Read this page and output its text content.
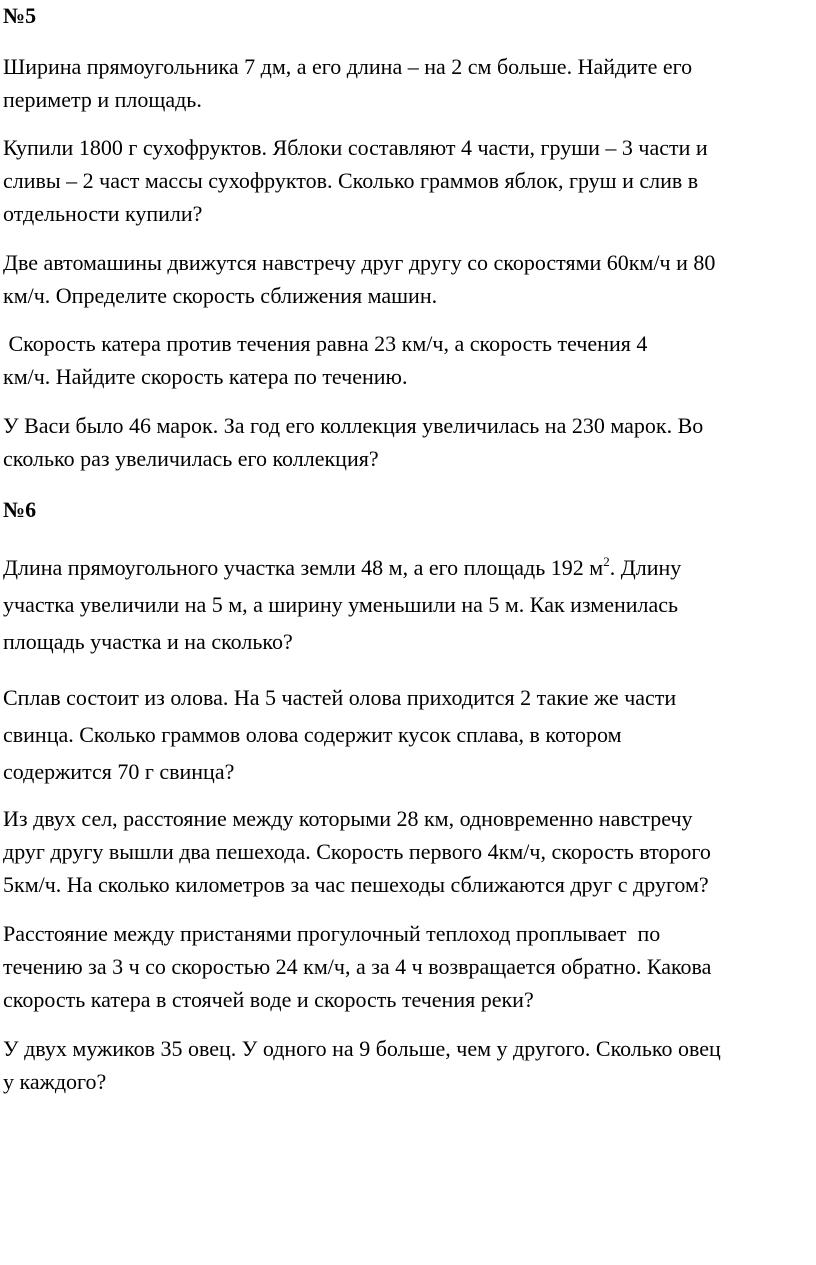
№5

Ширина прямоугольника 7 дм, а его длина – на 2 см больше. Найдите его
периметр и площадь.

Купили 1800 г сухофруктов. Яблоки составляют 4 части, груши – 3 части и
сливы – 2 част массы сухофруктов. Сколько граммов яблок, груш и слив в
отдельности купили?

Две автомашины движутся навстречу друг другу со скоростями 60км/ч и 80
км/ч. Определите скорость сближения машин.

Скорость катера против течения равна 23 км/ч, а скорость течения 4
км/ч. Найдите скорость катера по течению.

У Васи было 46 марок. За год его коллекция увеличилась на 230 марок. Во
сколько раз увеличилась его коллекция?

№6

Длина прямоугольного участка земли 48 м, а его площадь 192 $м^2$. Длину
участка увеличили на 5 м, а ширину уменьшили на 5 м. Как изменилась
площадь участка и на сколько?

Сплав состоит из олова. На 5 частей олова приходится 2 такие же части
свинца. Сколько граммов олова содержит кусок сплава, в котором
содержится 70 г свинца?

Из двух сел, расстояние между которыми 28 км, одновременно навстречу
друг другу вышли два пешехода. Скорость первого 4км/ч, скорость второго
5км/ч. На сколько километров за час пешеходы сближаются друг с другом?

Расстояние между пристанями прогулочный теплоход проплывает  по
течению за 3 ч со скоростью 24 км/ч, а за 4 ч возвращается обратно. Какова
скорость катера в стоячей воде и скорость течения реки?

У двух мужиков 35 овец. У одного на 9 больше, чем у другого. Сколько овец
у каждого?
